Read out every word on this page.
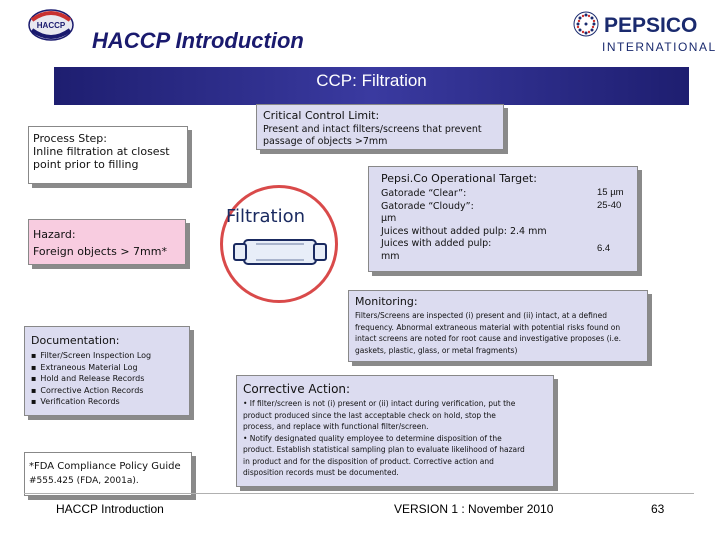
HACCP
HACCP Introduction
PEPSICO
INTERNATIONAL
CCP: Filtration
Process Step:
Inline filtration at closest
point prior to filling
Hazard:
Foreign objects > 7mm*
Critical Control Limit:
Present and intact filters/screens that prevent
passage of objects >7mm
Filtration
Pepsi.Co Operational Target:
Gatorade “Clear”:
Gatorade “Cloudy”:
µm
Juices without added pulp: 2.4 mm
Juices with added pulp:
mm
15 µm
25-40
6.4
Monitoring:
Filters/Screens are inspected (i) present and (ii) intact, at a defined
frequency. Abnormal extraneous material with potential risks found on
intact screens are noted for root cause and investigative proposes (i.e.
gaskets, plastic, glass, or metal fragments)
Documentation:
▪ Filter/Screen Inspection Log
▪ Extraneous Material Log
▪ Hold and Release Records
▪ Corrective Action Records
▪ Verification Records
Corrective Action:
• If filter/screen is not (i) present or (ii) intact during verification, put the
product produced since the last acceptable check on hold, stop the
process, and replace with functional filter/screen.
• Notify designated quality employee to determine disposition of the
product. Establish statistical sampling plan to evaluate likelihood of hazard
in product and for the disposition of product. Corrective action and
disposition records must be documented.
*FDA Compliance Policy Guide
#555.425 (FDA, 2001a).
HACCP Introduction	VERSION 1 : November 2010	63
